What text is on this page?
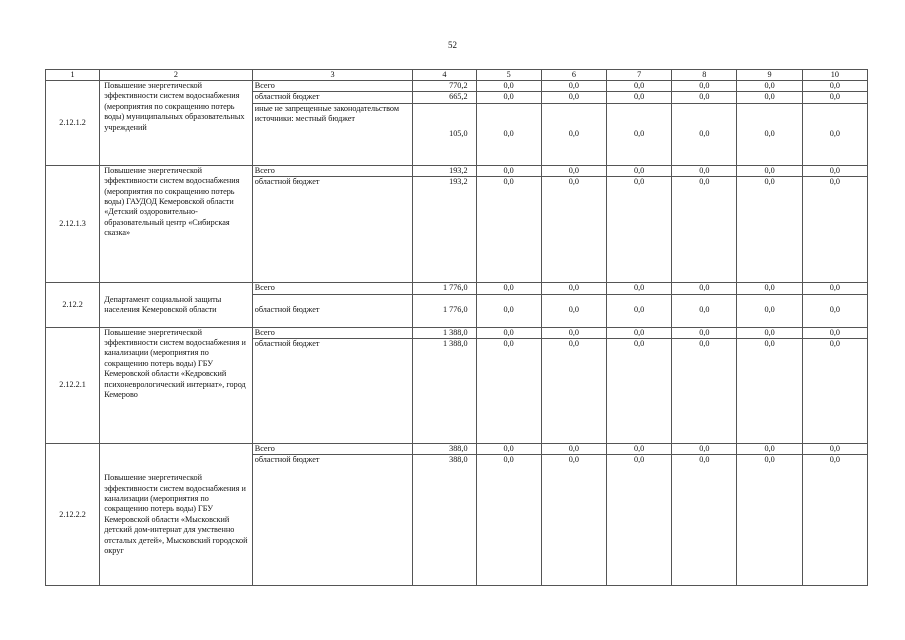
52
1	2	3	4	5	6	7	8	9	10
2.12.1.2	Повышение энергетической эффективности систем водоснабжения (мероприятия по сокращению потерь воды) муниципальных образовательных учреждений	Всего	770,2	0,0	0,0	0,0	0,0	0,0	0,0
		областной бюджет	665,2	0,0	0,0	0,0	0,0	0,0	0,0
		иные не запрещенные законодательством источники: местный бюджет	105,0	0,0	0,0	0,0	0,0	0,0	0,0
2.12.1.3	Повышение энергетической эффективности систем водоснабжения (мероприятия по сокращению потерь воды) ГАУДОД Кемеровской области «Детский оздоровительно-образовательный центр «Сибирская сказка»	Всего	193,2	0,0	0,0	0,0	0,0	0,0	0,0
		областной бюджет	193,2	0,0	0,0	0,0	0,0	0,0	0,0
2.12.2	Департамент социальной защиты населения Кемеровской области	Всего	1 776,0	0,0	0,0	0,0	0,0	0,0	0,0
		областной бюджет	1 776,0	0,0	0,0	0,0	0,0	0,0	0,0
2.12.2.1	Повышение энергетической эффективности систем водоснабжения и канализации (мероприятия по сокращению потерь воды) ГБУ Кемеровской области «Кедровский психоневрологический интернат», город Кемерово	Всего	1 388,0	0,0	0,0	0,0	0,0	0,0	0,0
		областной бюджет	1 388,0	0,0	0,0	0,0	0,0	0,0	0,0
2.12.2.2	Повышение энергетической эффективности систем водоснабжения и канализации (мероприятия по сокращению потерь воды) ГБУ Кемеровской области «Мысковский детский дом-интернат для умственно отсталых детей», Мысковский городской округ	Всего	388,0	0,0	0,0	0,0	0,0	0,0	0,0
		областной бюджет	388,0	0,0	0,0	0,0	0,0	0,0	0,0
